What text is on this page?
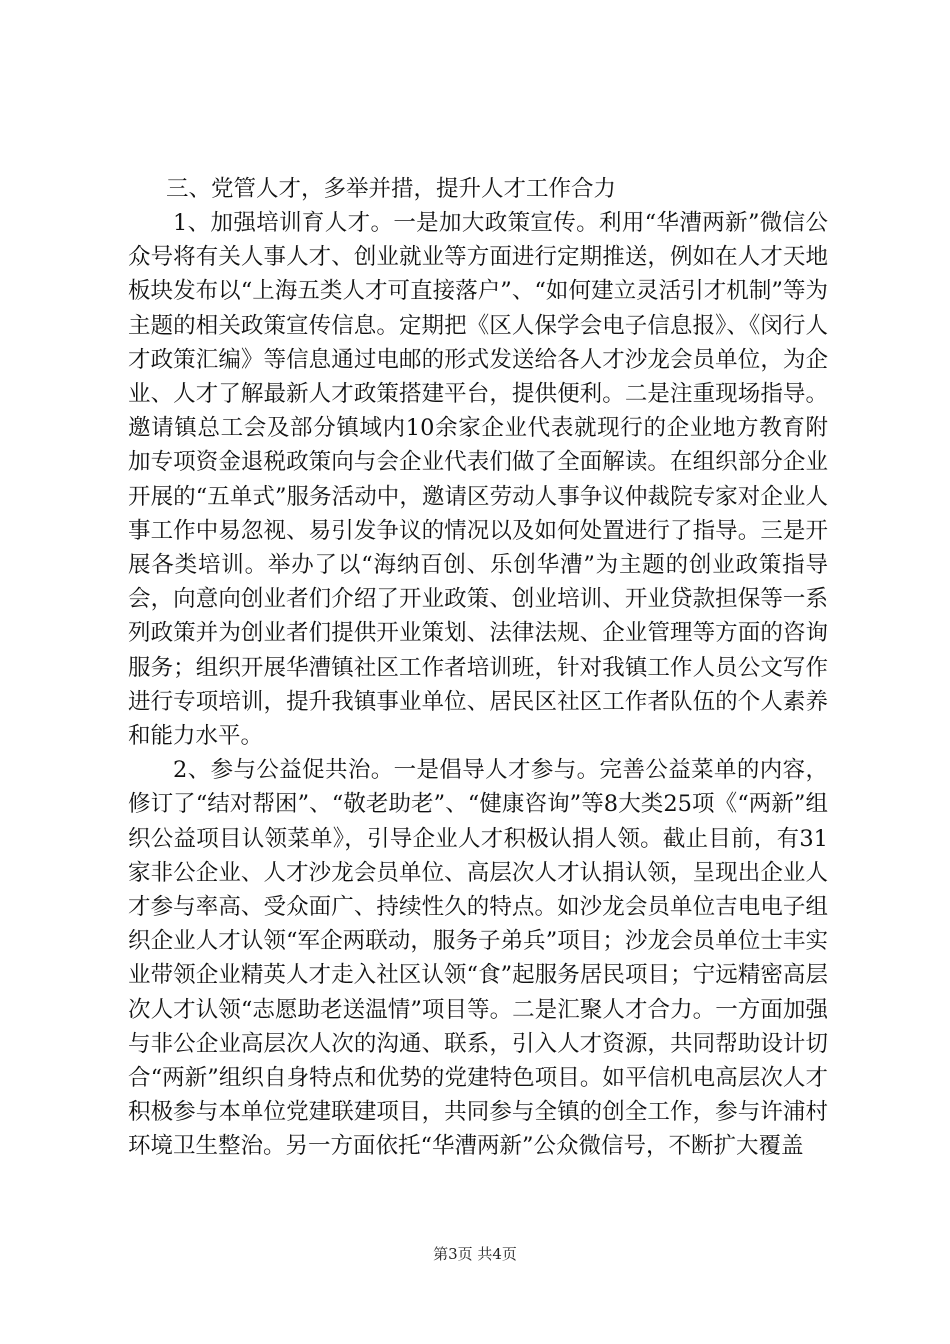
三、党管人才，多举并措，提升人才工作合力

1、加强培训育人才。一是加大政策宣传。利用“华漕两新”微信公众号将有关人事人才、创业就业等方面进行定期推送，例如在人才天地板块发布以“上海五类人才可直接落户”、“如何建立灵活引才机制”等为主题的相关政策宣传信息。定期把《区人保学会电子信息报》、《闵行人才政策汇编》等信息通过电邮的形式发送给各人才沙龙会员单位，为企业、人才了解最新人才政策搭建平台，提供便利。二是注重现场指导。邀请镇总工会及部分镇域内10余家企业代表就现行的企业地方教育附加专项资金退税政策向与会企业代表们做了全面解读。在组织部分企业开展的“五单式”服务活动中，邀请区劳动人事争议仲裁院专家对企业人事工作中易忽视、易引发争议的情况以及如何处置进行了指导。三是开展各类培训。举办了以“海纳百创、乐创华漕”为主题的创业政策指导会，向意向创业者们介绍了开业政策、创业培训、开业贷款担保等一系列政策并为创业者们提供开业策划、法律法规、企业管理等方面的咨询服务；组织开展华漕镇社区工作者培训班，针对我镇工作人员公文写作进行专项培训，提升我镇事业单位、居民区社区工作者队伍的个人素养和能力水平。

2、参与公益促共治。一是倡导人才参与。完善公益菜单的内容，修订了“结对帮困”、“敬老助老”、“健康咨询”等8大类25项《“两新”组织公益项目认领菜单》，引导企业人才积极认捐人领。截止目前，有31家非公企业、人才沙龙会员单位、高层次人才认捐认领，呈现出企业人才参与率高、受众面广、持续性久的特点。如沙龙会员单位吉电电子组织企业人才认领“军企两联动，服务子弟兵”项目；沙龙会员单位士丰实业带领企业精英人才走入社区认领“食”起服务居民项目；宁远精密高层次人才认领“志愿助老送温情”项目等。二是汇聚人才合力。一方面加强与非公企业高层次人次的沟通、联系，引入人才资源，共同帮助设计切合“两新”组织自身特点和优势的党建特色项目。如平信机电高层次人才积极参与本单位党建联建项目，共同参与全镇的创全工作，参与许浦村环境卫生整治。另一方面依托“华漕两新”公众微信号，不断扩大覆盖

第3页 共4页
